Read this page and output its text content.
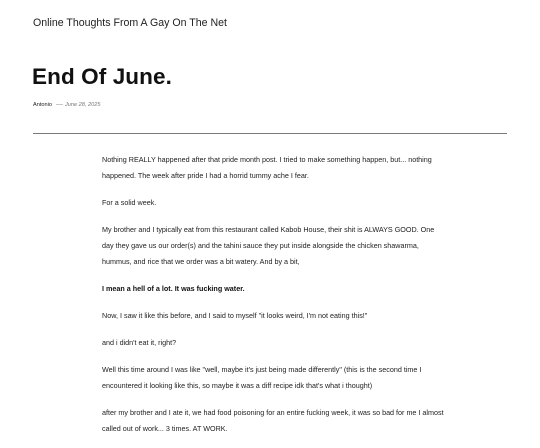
Online Thoughts From A Gay On The Net
End Of June.
Antonio June 28, 2025

Nothing REALLY happened after that pride month post. I tried to make something happen, but... nothing happened. The week after pride I had a horrid tummy ache I fear.

For a solid week.

My brother and I typically eat from this restaurant called Kabob House, their shit is ALWAYS GOOD. One day they gave us our order(s) and the tahini sauce they put inside alongside the chicken shawarma, hummus, and rice that we order was a bit watery. And by a bit,

I mean a hell of a lot. It was fucking water.

Now, I saw it like this before, and I said to myself "it looks weird, I'm not eating this!"

and i didn't eat it, right?

Well this time around I was like "well, maybe it's just being made differently" (this is the second time I encountered it looking like this, so maybe it was a diff recipe idk that's what i thought)

after my brother and I ate it, we had food poisoning for an entire fucking week, it was so bad for me I almost called out of work... 3 times. AT WORK.
